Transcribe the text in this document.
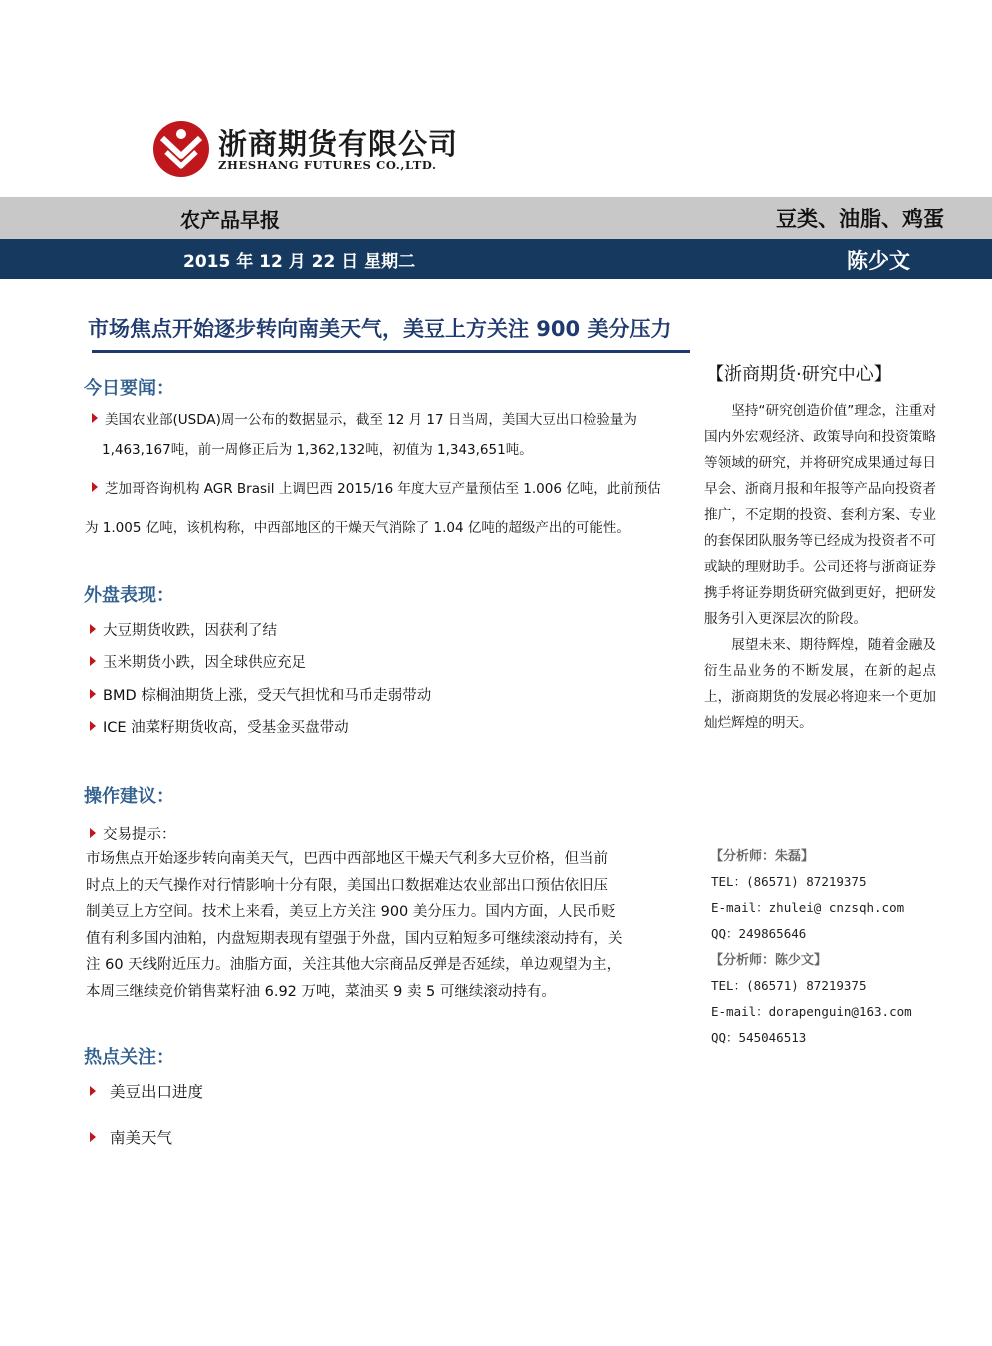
浙商期货有限公司
ZHESHANG FUTURES CO.,LTD.
农产品早报	豆类、油脂、鸡蛋
2015 年 12 月 22 日 星期二	陈少文
市场焦点开始逐步转向南美天气，美豆上方关注 900 美分压力
今日要闻：
美国农业部(USDA)周一公布的数据显示，截至 12 月 17 日当周，美国大豆出口检验量为
1,463,167吨，前一周修正后为 1,362,132吨，初值为 1,343,651吨。
芝加哥咨询机构 AGR Brasil 上调巴西 2015/16 年度大豆产量预估至 1.006 亿吨，此前预估
为 1.005 亿吨，该机构称，中西部地区的干燥天气消除了 1.04 亿吨的超级产出的可能性。
外盘表现：
大豆期货收跌，因获利了结
玉米期货小跌，因全球供应充足
BMD 棕榈油期货上涨，受天气担忧和马币走弱带动
ICE 油菜籽期货收高，受基金买盘带动
操作建议：
交易提示：
市场焦点开始逐步转向南美天气，巴西中西部地区干燥天气利多大豆价格，但当前
时点上的天气操作对行情影响十分有限，美国出口数据难达农业部出口预估依旧压
制美豆上方空间。技术上来看，美豆上方关注 900 美分压力。国内方面，人民币贬
值有利多国内油粕，内盘短期表现有望强于外盘，国内豆粕短多可继续滚动持有，关
注 60 天线附近压力。油脂方面，关注其他大宗商品反弹是否延续，单边观望为主，
本周三继续竞价销售菜籽油 6.92 万吨，菜油买 9 卖 5 可继续滚动持有。
热点关注：
美豆出口进度
南美天气
【浙商期货·研究中心】

坚持“研究创造价值”理念，注重对国内外宏观经济、政策导向和投资策略等领域的研究，并将研究成果通过每日早会、浙商月报和年报等产品向投资者推广，不定期的投资、套利方案、专业的套保团队服务等已经成为投资者不可或缺的理财助手。公司还将与浙商证券携手将证券期货研究做到更好，把研发服务引入更深层次的阶段。

展望未来、期待辉煌，随着金融及衍生品业务的不断发展，在新的起点上，浙商期货的发展必将迎来一个更加灿烂辉煌的明天。

【分析师：朱磊】
TEL：(86571) 87219375
E-mail：zhulei@ cnzsqh.com
QQ：249865646
【分析师：陈少文】
TEL：(86571) 87219375
E-mail：dorapenguin@163.com
QQ：545046513
